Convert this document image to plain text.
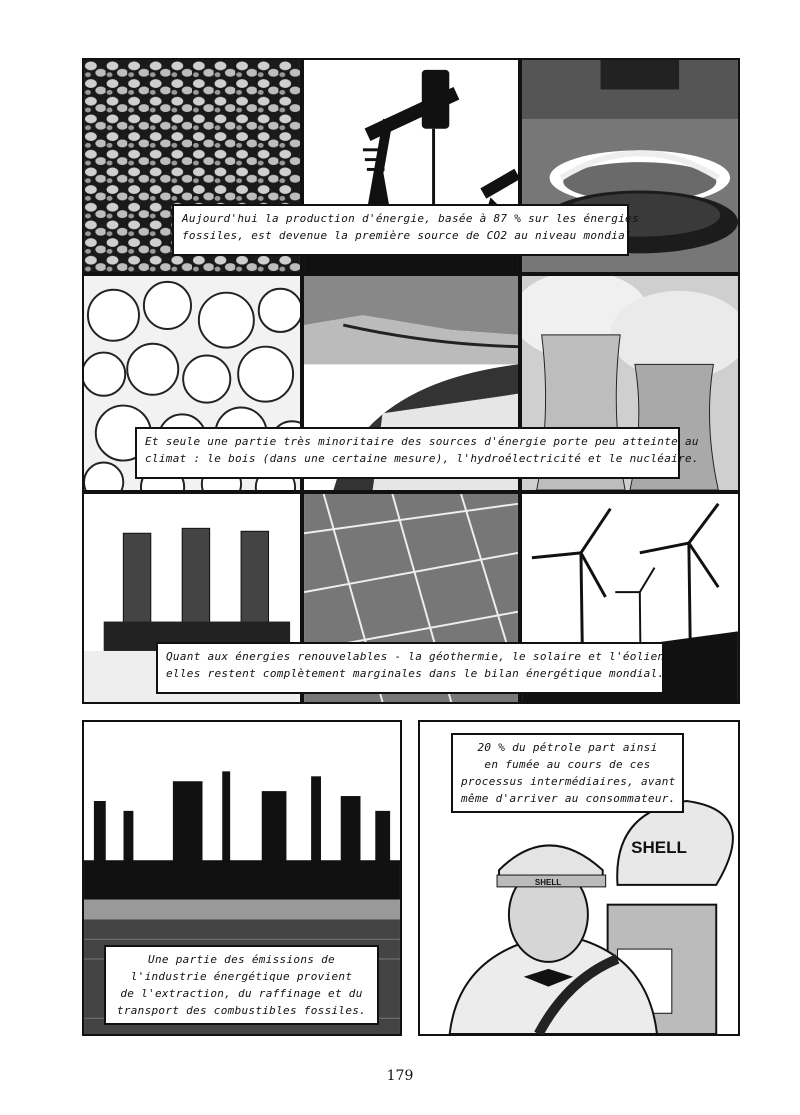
Aujourd'hui la production d'énergie, basée à 87 % sur les énergies
fossiles, est devenue la première source de CO2 au niveau mondial.
Et seule une partie très minoritaire des sources d'énergie porte peu atteinte au
climat : le bois (dans une certaine mesure), l'hydroélectricité et le nucléaire.
Quant aux énergies renouvelables - la géothermie, le solaire et l'éolien -
elles restent complètement marginales dans le bilan énergétique mondial.
Une partie des émissions de
l'industrie énergétique provient
de l'extraction, du raffinage et du
transport des combustibles fossiles.
20 % du pétrole part ainsi
en fumée au cours de ces
processus intermédiaires, avant
même d'arriver au consommateur.
SHELL
SHELL
179
